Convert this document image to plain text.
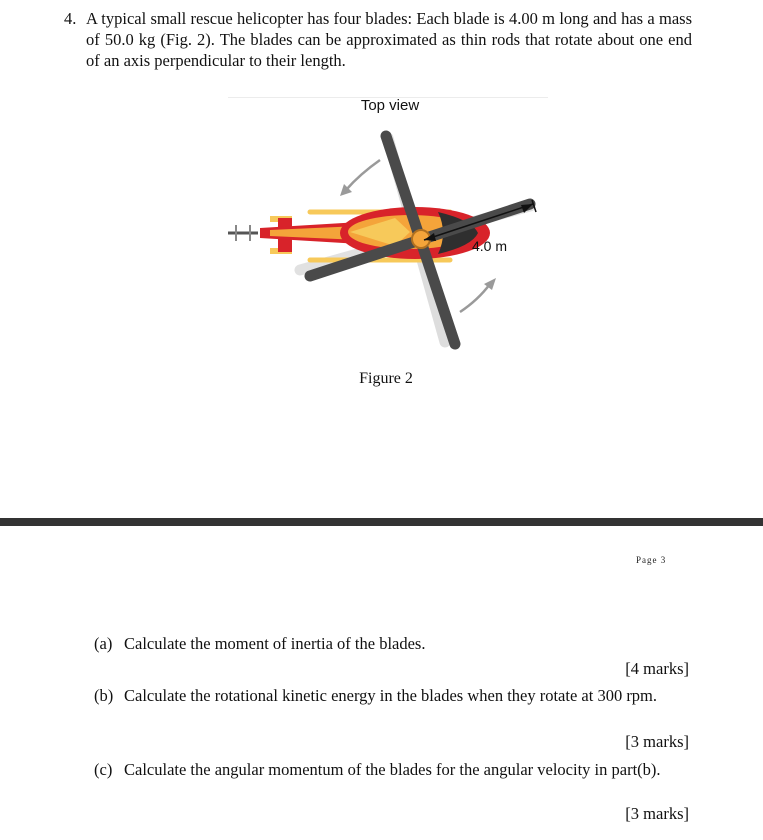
4. A typical small rescue helicopter has four blades: Each blade is 4.00 m long and has a mass of 50.0 kg (Fig. 2). The blades can be approximated as thin rods that rotate about one end of an axis perpendicular to their length.
Top view
4.0 m
Figure 2
Page 3
(a) Calculate the moment of inertia of the blades.
[4 marks]
(b) Calculate the rotational kinetic energy in the blades when they rotate at 300 rpm.
[3 marks]
(c) Calculate the angular momentum of the blades for the angular velocity in part(b).
[3 marks]
